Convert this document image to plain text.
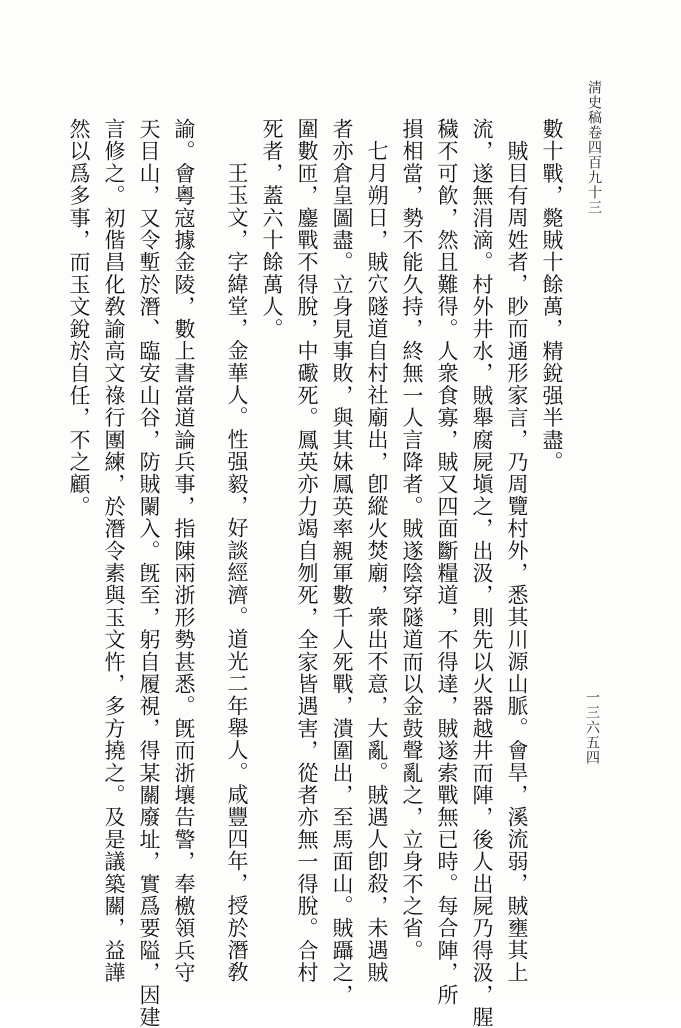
淸史稿卷四百九十三
一三六五四
數十戰，斃賊十餘萬，精銳强半盡。
賊目有周姓者，眇而通形家言，乃周覽村外，悉其川源山脈。會旱，溪流弱，賊壅其上
流，遂無涓滴。村外井水，賊舉腐屍塡之，出汲，則先以火器越井而陣，後人出屍乃得汲，腥
穢不可飮，然且難得。人衆食寡，賊又四面斷糧道，不得達，賊遂索戰無已時。每合陣，所
損相當，勢不能久持，終無一人言降者。賊遂陰穿隧道而以金鼓聲亂之，立身不之省。
七月朔日，賊穴隧道自村社廟出，卽縱火焚廟，衆出不意，大亂。賊遇人卽殺，未遇賊
者亦倉皇圖盡。立身見事敗，與其妹鳳英率親軍數千人死戰，潰圍出，至馬面山。賊躡之，
圍數匝，鏖戰不得脫，中礮死。鳳英亦力竭自刎死，全家皆遇害，從者亦無一得脫。合村
死者，蓋六十餘萬人。
王玉文，字緯堂，金華人。性强毅，好談經濟。道光二年舉人。咸豐四年，授於潛敎
諭。會粵寇據金陵，數上書當道論兵事，指陳兩浙形勢甚悉。旣而浙壤告警，奉檄領兵守
天目山，又令塹於潛、臨安山谷，防賊闌入。旣至，躬自履視，得某關廢址，實爲要隘，因建
言修之。初偕昌化敎諭高文祿行團練，於潛令素與玉文忤，多方撓之。及是議築關，益譁
然以爲多事，而玉文銳於自任，不之顧。
